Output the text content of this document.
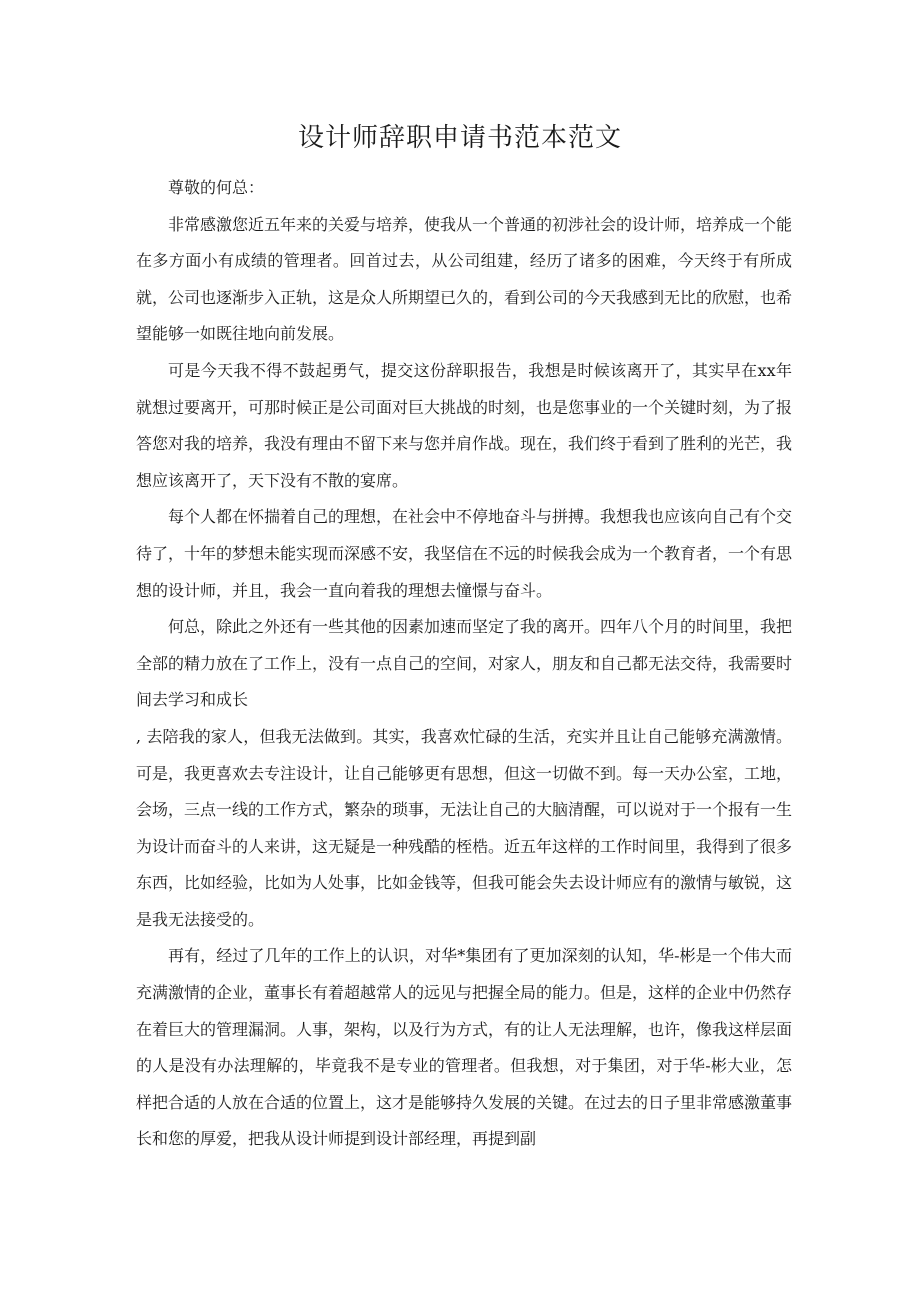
设计师辞职申请书范本范文

尊敬的何总：

非常感激您近五年来的关爱与培养，使我从一个普通的初涉社会的设计师，培养成一个能在多方面小有成绩的管理者。回首过去，从公司组建，经历了诸多的困难，今天终于有所成就，公司也逐渐步入正轨，这是众人所期望已久的，看到公司的今天我感到无比的欣慰，也希望能够一如既往地向前发展。

可是今天我不得不鼓起勇气，提交这份辞职报告，我想是时候该离开了，其实早在xx年就想过要离开，可那时候正是公司面对巨大挑战的时刻，也是您事业的一个关键时刻，为了报答您对我的培养，我没有理由不留下来与您并肩作战。现在，我们终于看到了胜利的光芒，我想应该离开了，天下没有不散的宴席。

每个人都在怀揣着自己的理想，在社会中不停地奋斗与拼搏。我想我也应该向自己有个交待了，十年的梦想未能实现而深感不安，我坚信在不远的时候我会成为一个教育者，一个有思想的设计师，并且，我会一直向着我的理想去憧憬与奋斗。

何总，除此之外还有一些其他的因素加速而坚定了我的离开。四年八个月的时间里，我把全部的精力放在了工作上，没有一点自己的空间，对家人，朋友和自己都无法交待，我需要时间去学习和成长

, 去陪我的家人，但我无法做到。其实，我喜欢忙碌的生活，充实并且让自己能够充满激情。可是，我更喜欢去专注设计，让自己能够更有思想，但这一切做不到。每一天办公室，工地，会场，三点一线的工作方式，繁杂的琐事，无法让自己的大脑清醒，可以说对于一个报有一生为设计而奋斗的人来讲，这无疑是一种残酷的桎梏。近五年这样的工作时间里，我得到了很多东西，比如经验，比如为人处事，比如金钱等，但我可能会失去设计师应有的激情与敏锐，这是我无法接受的。

再有，经过了几年的工作上的认识，对华*集团有了更加深刻的认知，华-彬是一个伟大而充满激情的企业，董事长有着超越常人的远见与把握全局的能力。但是，这样的企业中仍然存在着巨大的管理漏洞。人事，架构，以及行为方式，有的让人无法理解，也许，像我这样层面的人是没有办法理解的，毕竟我不是专业的管理者。但我想，对于集团，对于华-彬大业，怎样把合适的人放在合适的位置上，这才是能够持久发展的关键。在过去的日子里非常感激董事长和您的厚爱，把我从设计师提到设计部经理，再提到副
